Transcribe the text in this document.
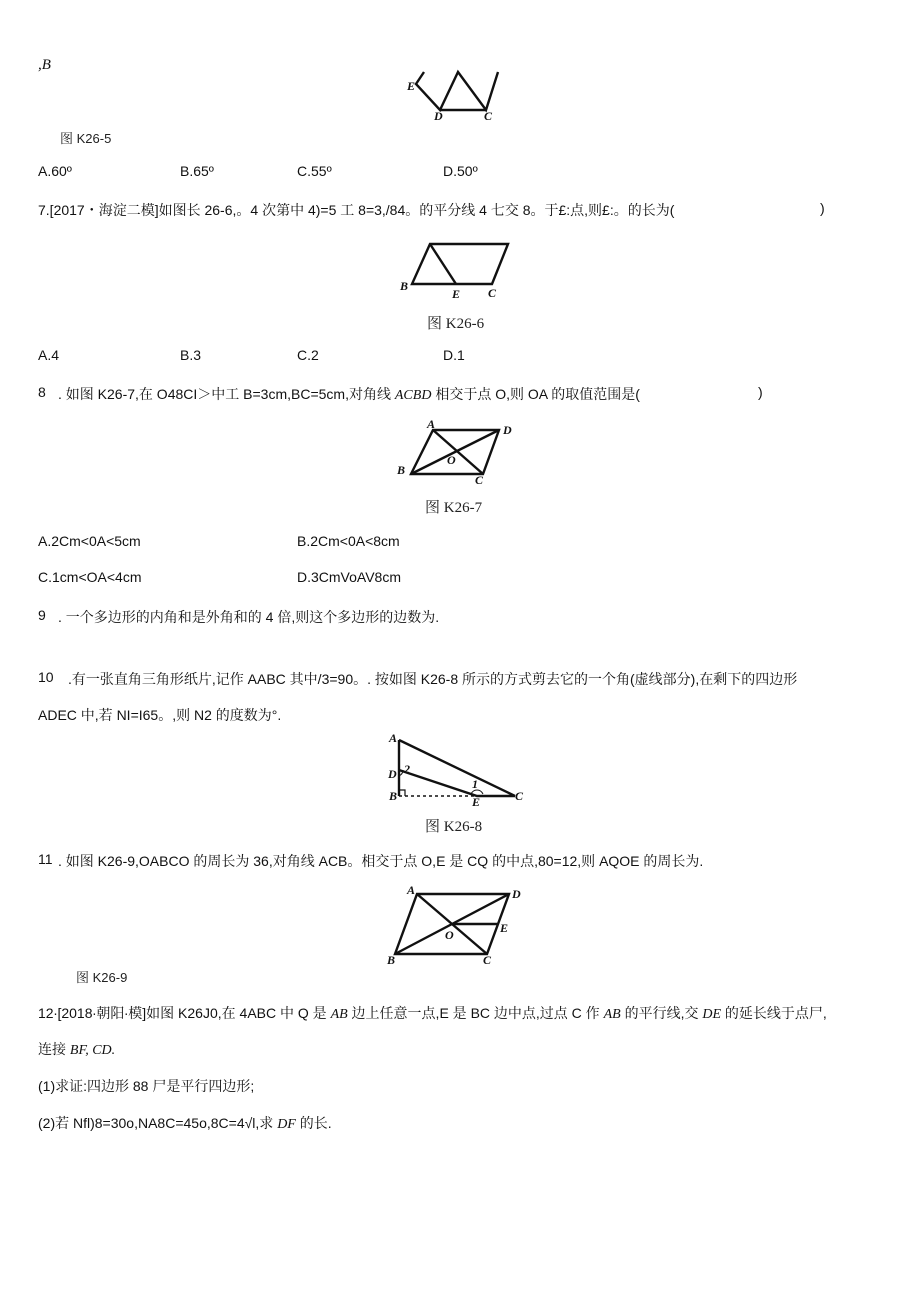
,B
E
D	C
图 K26-5
A.60º	B.65º	C.55º	D.50º
7.[2017・海淀二模]如图长 26-6,。4 次第中 4)=5 工 8=3,/84。的平分线 4 七交 8。于£:点,则£:。的长为(	)
B
E C
图 K26-6
A.4	B.3	C.2	D.1
8 . 如图 K26-7,在 O48CI＞中工 B=3cm,BC=5cm,对角线 ACBD 相交于点 O,则 OA 的取值范围是(	)
A	D
O
B
C
图 K26-7
A.2Cm<0A<5cm	B.2Cm<0A<8cm
C.1cm<OA<4cm	D.3CmVoAV8cm
9 . 一个多边形的内角和是外角和的 4 倍,则这个多边形的边数为.
10 .有一张直角三角形纸片,记作 AABC 其中/3=90。. 按如图 K26-8 所示的方式剪去它的一个角(虚线部分),在剩下的四边形
ADEC 中,若 NI=I65。,则 N2 的度数为°.
A
D 2
B
1
E	C
图 K26-8
11 . 如图 K26-9,OABCO 的周长为 36,对角线 ACB。相交于点 O,E 是 CQ 的中点,80=12,则 AQOE 的周长为.
A	D
O	E
B	C
图 K26-9
12∙[2018∙朝阳∙模]如图 K26J0,在 4ABC 中 Q 是 AB 边上任意一点,E 是 BC 边中点,过点 C 作 AB 的平行线,交 DE 的延长线于点尸,
连接 BF, CD.
(1)求证:四边形 88 尸是平行四边形;
(2)若 Nfl)8=30o,NA8C=45o,8C=4√l,求 DF 的长.
